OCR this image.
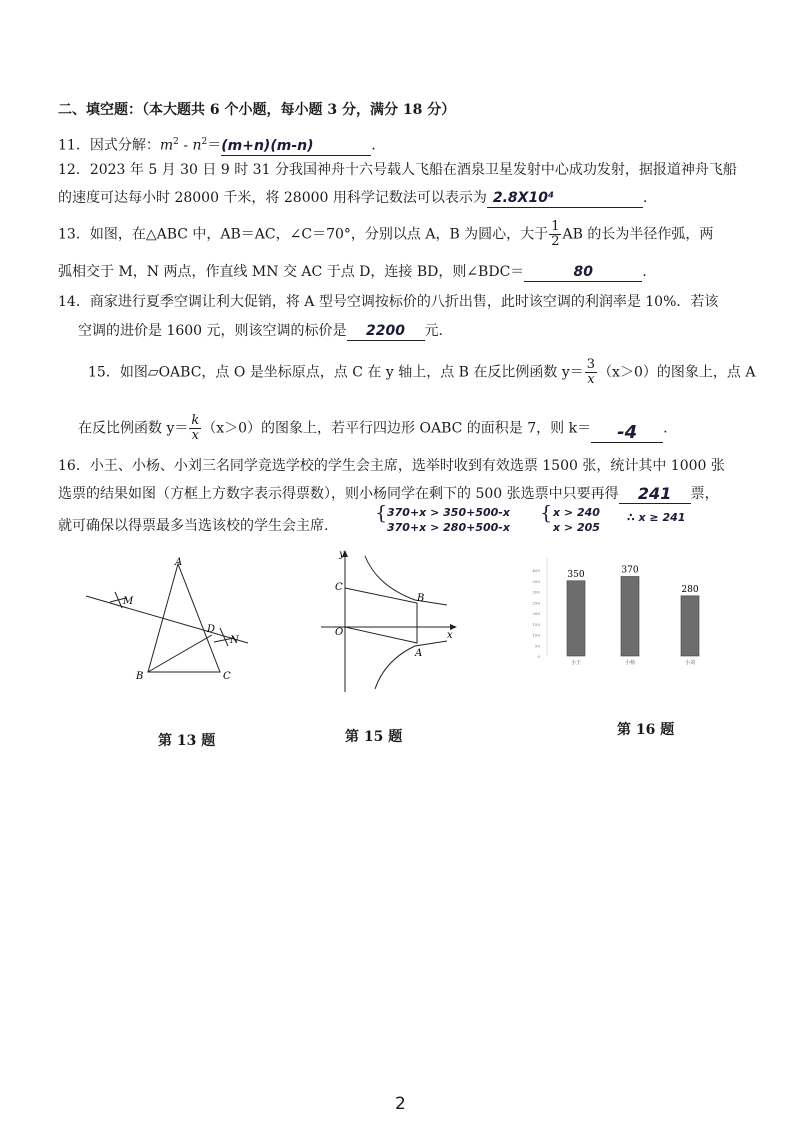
二、填空题：（本大题共 6 个小题，每小题 3 分，满分 18 分）
11．因式分解：$m^2 - n^2=(m+n)(m-n)$	.
12．2023 年 5 月 30 日 9 时 31 分我国神舟十六号载人飞船在酒泉卫星发射中心成功发射，据报道神舟飞船
的速度可达每小时 28000 千米，将 28000 用科学记数法可以表示为 2.8X10⁴	.
13．如图，在△ABC 中，AB＝AC，∠C＝70°，分别以点 A，B 为圆心，大于 $\frac{1}{2}$ AB 的长为半径作弧，两
弧相交于 M，N 两点，作直线 MN 交 AC 于点 D，连接 BD，则∠BDC＝	80	.
14．商家进行夏季空调让利大促销，将 A 型号空调按标价的八折出售，此时该空调的利润率是 10%．若该
空调的进价是 1600 元，则该空调的标价是 2200 元.
15．如图▱OABC，点 O 是坐标原点，点 C 在 y 轴上，点 B 在反比例函数 $y= \frac{3}{x} (x>0)$的图象上，点 A
在反比例函数 $y= \frac{k}{x} (x>0)$的图象上，若平行四边形 OABC 的面积是 7，则 k＝ -4 .
16．小王、小杨、小刘三名同学竞选学校的学生会主席，选举时收到有效选票 1500 张，统计其中 1000 张
选票的结果如图（方框上方数字表示得票数），则小杨同学在剩下的 500 张选票中只要再得 241 票，
就可确保以得票最多当选该校的学生会主席.
{ 370+x > 350+500-x
370+x > 280+500-x
{ x > 240
x > 205
∴ x ≥ 241
A
B	C
D
M
N
第 13 题
y
x
O
C
B
A
第 15 题
0
50
100
150
200
250
300
350
400	350
小王
370
小杨
280
小刘
第 16 题
2
